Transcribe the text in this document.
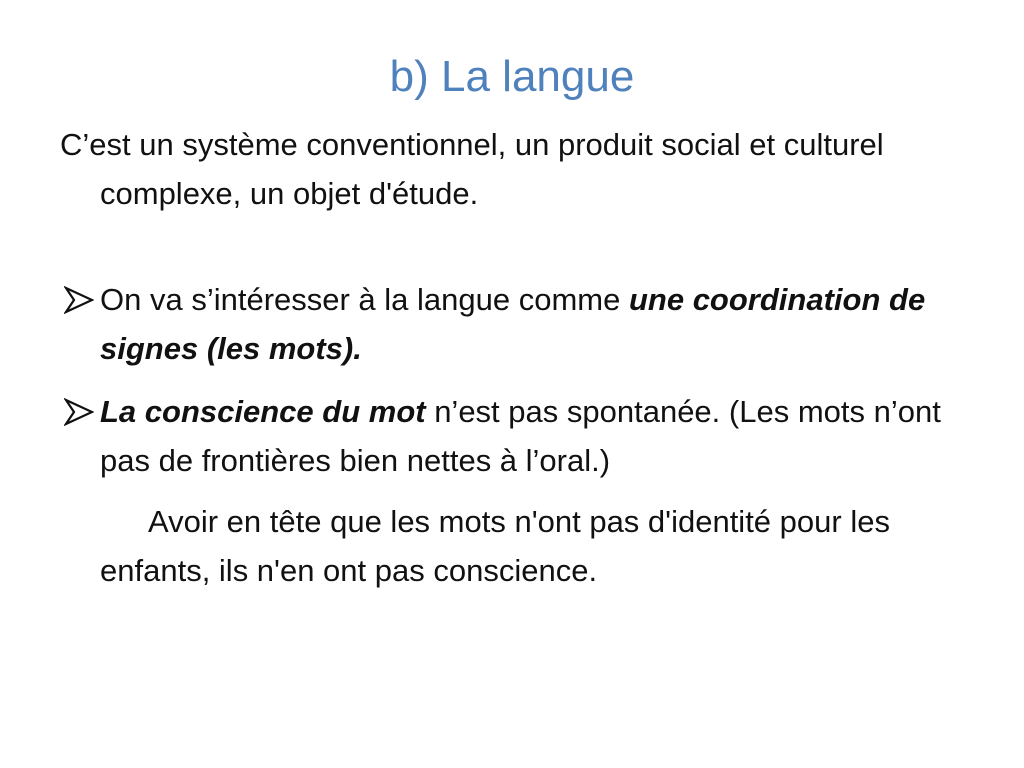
b) La langue

C’est un système conventionnel, un produit social et culturel complexe, un objet d'étude.

On va s’intéresser à la langue comme une coordination de signes (les mots).

La conscience du mot n’est pas spontanée. (Les mots n’ont pas de frontières bien nettes à l’oral.)

Avoir en tête que les mots n'ont pas d'identité pour les enfants, ils n'en ont pas conscience.
